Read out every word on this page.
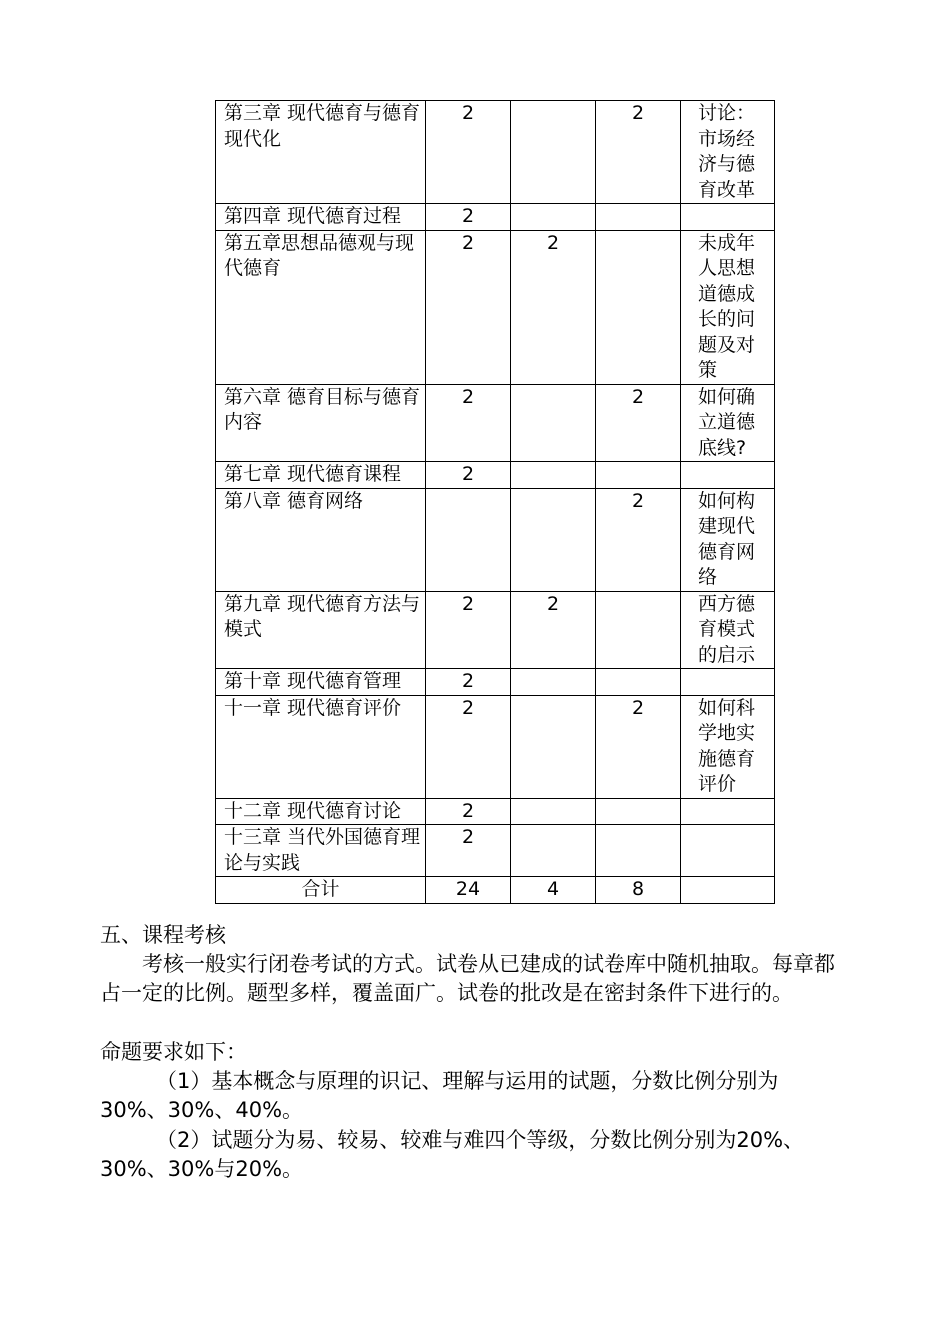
第三章 现代德育与德育现代化	2		2	讨论：市场经济与德育改革

第四章 现代德育过程	2			

第五章思想品德观与现代德育	2	2		未成年人思想道德成长的问题及对策

第六章 德育目标与德育内容	2		2	如何确立道德底线?

第七章 现代德育课程	2			

第八章 德育网络			2	如何构建现代德育网络

第九章 现代德育方法与模式	2	2		西方德育模式的启示

第十章 现代德育管理	2			

十一章 现代德育评价	2		2	如何科学地实施德育评价

十二章 现代德育讨论	2			

十三章 当代外国德育理论与实践	2			

合计	24	4	8	
五、课程考核

考核一般实行闭卷考试的方式。试卷从已建成的试卷库中随机抽取。每章都占一定的比例。题型多样，覆盖面广。试卷的批改是在密封条件下进行的。

命题要求如下：

（1）基本概念与原理的识记、理解与运用的试题，分数比例分别为30%、30%、40%。

（2）试题分为易、较易、较难与难四个等级，分数比例分别为20%、30%、30%与20%。
